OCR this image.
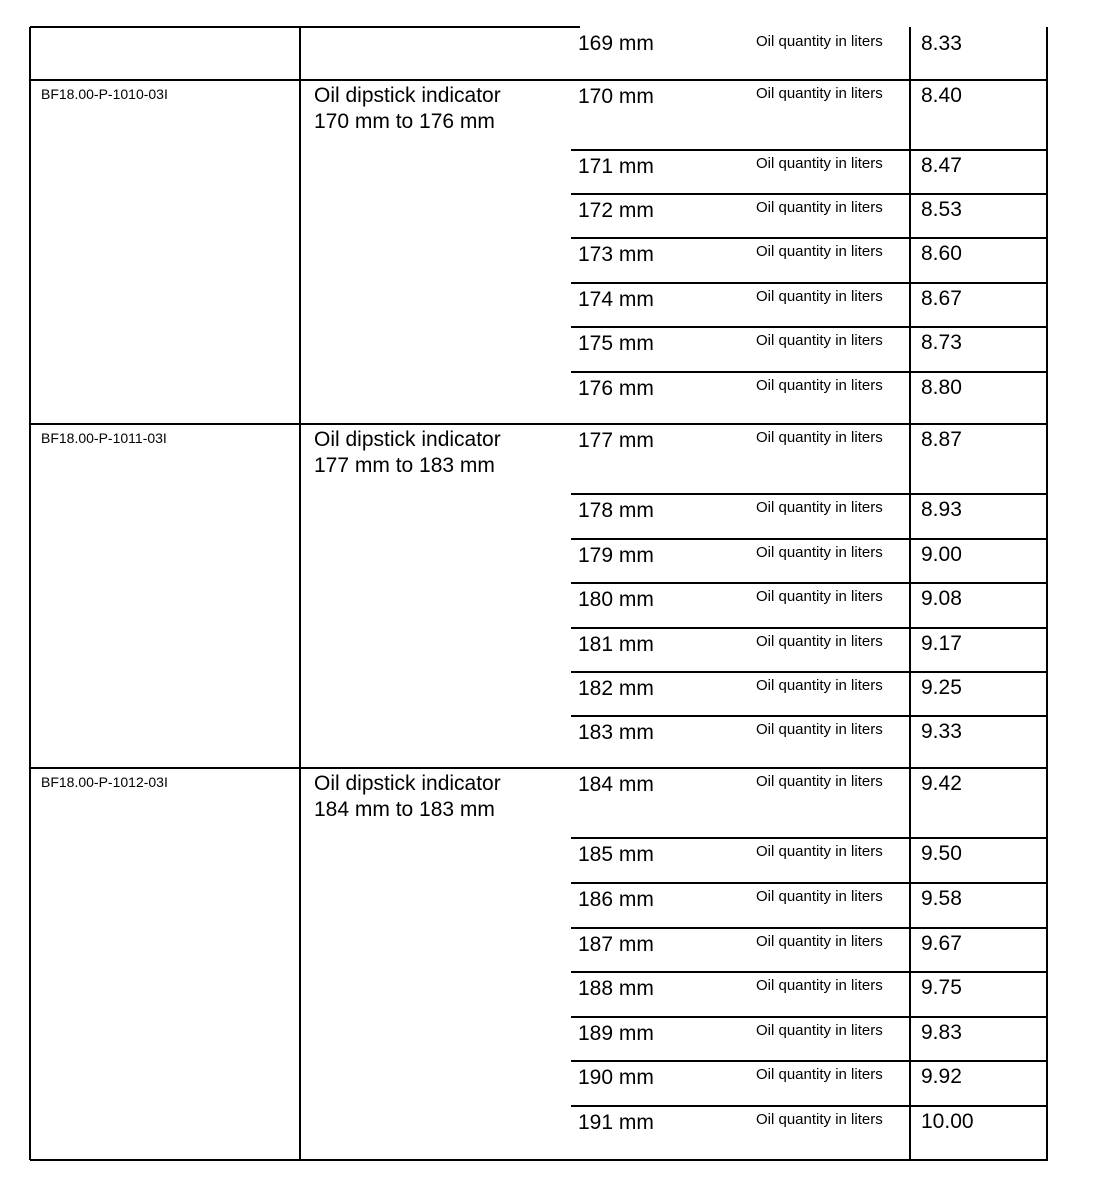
169 mm	Oil quantity in liters 8.33
BF18.00-P-1010-03I	Oil dipstick indicator
170 mm to 176 mm
170 mm	Oil quantity in liters 8.40
171 mm	Oil quantity in liters 8.47
172 mm	Oil quantity in liters 8.53
173 mm	Oil quantity in liters 8.60
174 mm	Oil quantity in liters 8.67
175 mm	Oil quantity in liters 8.73
176 mm	Oil quantity in liters 8.80
BF18.00-P-1011-03I	Oil dipstick indicator
177 mm to 183 mm
177 mm	Oil quantity in liters 8.87
178 mm	Oil quantity in liters 8.93
179 mm	Oil quantity in liters 9.00
180 mm	Oil quantity in liters 9.08
181 mm	Oil quantity in liters 9.17
182 mm	Oil quantity in liters 9.25
183 mm	Oil quantity in liters 9.33
BF18.00-P-1012-03I	Oil dipstick indicator
184 mm to 183 mm
184 mm	Oil quantity in liters 9.42
185 mm	Oil quantity in liters 9.50
186 mm	Oil quantity in liters 9.58
187 mm	Oil quantity in liters 9.67
188 mm	Oil quantity in liters 9.75
189 mm	Oil quantity in liters 9.83
190 mm	Oil quantity in liters 9.92
191 mm	Oil quantity in liters 10.00
